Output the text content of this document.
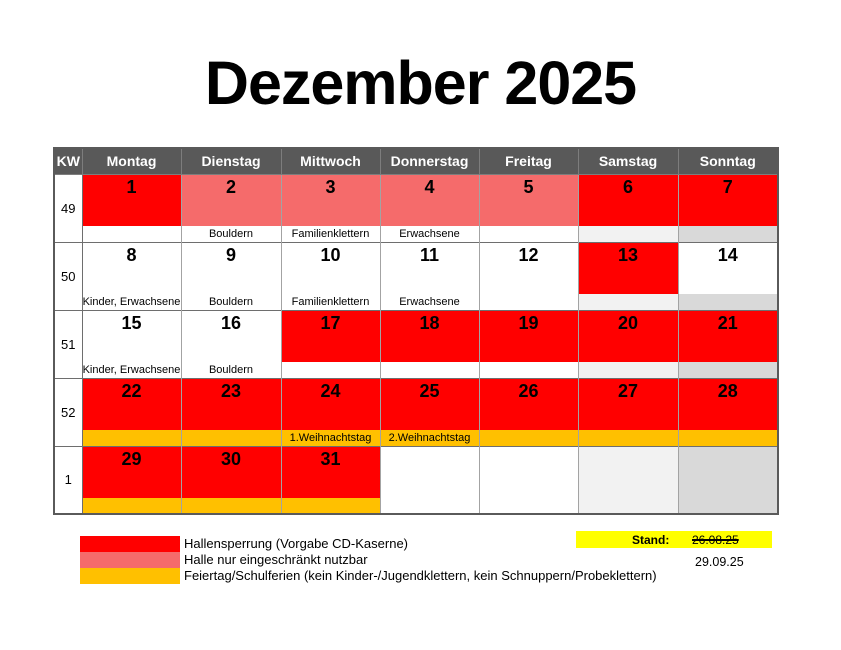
Dezember 2025
KW	Montag	Dienstag	Mittwoch	Donnerstag	Freitag	Samstag	Sonntag
49	1	2	3	4	5	6	7
		Bouldern	Familienklettern	Erwachsene			
50	8	9	10	11	12	13	14
	Kinder, Erwachsene	Bouldern	Familienklettern	Erwachsene			
51	15	16	17	18	19	20	21
	Kinder, Erwachsene	Bouldern					
52	22	23	24	25	26	27	28
			1.Weihnachtstag	2.Weihnachtstag			
1	29	30	31				

Hallensperrung (Vorgabe CD-Kaserne)
Halle nur eingeschränkt nutzbar
Feiertag/Schulferien (kein Kinder-/Jugendklettern, kein Schnuppern/Probeklettern)
Stand:	26.08.25
29.09.25
